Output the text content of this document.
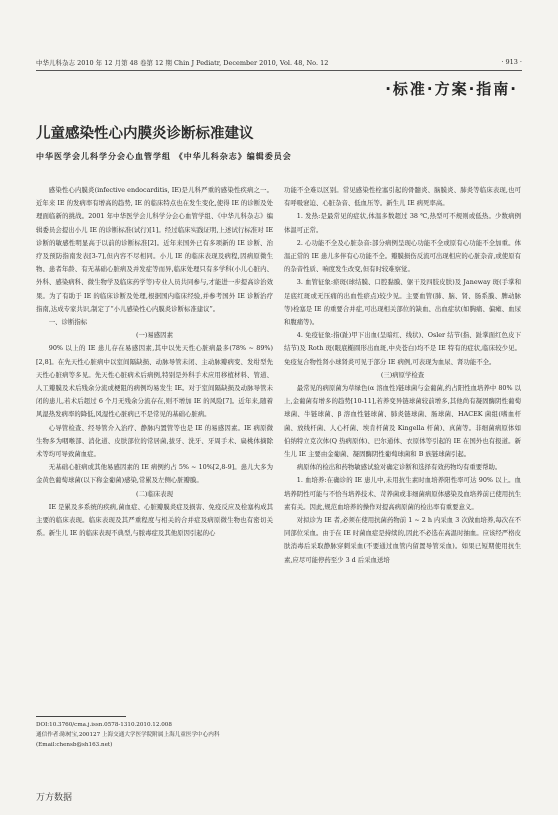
中华儿科杂志 2010 年 12 月第 48 卷第 12 期 Chin J Pediatr, December 2010, Vol. 48, No. 12	· 913 ·
·标准·方案·指南·
儿童感染性心内膜炎诊断标准建议
中华医学会儿科学分会心血管学组 《中华儿科杂志》编辑委员会

感染性心内膜炎(infective endocarditis, IE)是儿科严重的感染性疾病之一。近年来 IE 的发病率有增高的趋势, IE 的临床特点也在发生变化,使得 IE 的诊断及处理面临新的挑战。2001 年中华医学会儿科学分会心血管学组、《中华儿科杂志》编辑委员会提出小儿 IE 的诊断标准(试行)[1]。经过临床实践证明,上述试行标准对 IE 诊断的敏感性明显高于以前的诊断标准[2]。近年来国外已有多项新的 IE 诊断、治疗及预防指南发表[3-7],但内容不尽相同。小儿 IE 的临床表现及病程,因病原微生物、患者年龄、有无基础心脏病及并发症等而异,临床处理只有多学科(小儿心脏内、外科、感染病科、微生物学及临床药学等)专业人员共同参与,才能进一步提高诊治效果。为了有助于 IE 的临床诊断及处理,根据国内临床经验,并参考国外 IE 诊断治疗指南,达成专家共识,制定了“小儿感染性心内膜炎诊断标准建议”。

一、诊断指标

(一)易感因素

90% 以上的 IE 患儿存在易感因素,其中以先天性心脏病最多(78% ~ 89%)[2,8]。在先天性心脏病中以室间隔缺损、动脉导管未闭、主动脉瓣病变、发绀型先天性心脏病等多见。先天性心脏病术后病例,特别是外科手术应用移植材料、管道、人工瓣膜及术后残余分流或梗阻的病例均易发生 IE。对于室间隔缺损及动脉导管未闭的患儿,若术后超过 6 个月无残余分流存在,则不增加 IE 的风险[7]。近年来,随着风湿热发病率的降低,风湿性心脏病已不是常见的基础心脏病。

心导管检查、经导管介入治疗、静脉内置管等也是 IE 的易感因素。IE 病原微生物多为咽喉部、消化道、皮肤部位的常居菌,拔牙、洗牙、牙周手术、扁桃体摘除术等均可导致菌血症。

无基础心脏病或其他易感因素的 IE 病例约占 5% ~ 10%[2,8-9]。患儿大多为金黄色葡萄球菌(以下称金葡菌)感染,常累及左侧心脏瓣膜。

(二)临床表现

IE 是累及多系统的疾病,菌血症、心脏瓣膜炎症及损害、免疫反应及栓塞构成其主要的临床表现。临床表现及其严重程度与相关的合并症及病原微生物也有密切关系。新生儿 IE 的临床表现不典型,与脓毒症及其他原因引起的心

功能不全难以区别。常见感染性栓塞引起的骨髓炎、脑膜炎、肺炎等临床表现,也可有呼吸窘迫、心脏杂音、低血压等。新生儿 IE 病死率高。

1. 发热:是最常见的症状,体温多数超过 38 ℃,热型可不规则或低热。少数病例体温可正常。

2. 心功能不全及心脏杂音:部分病例呈现心功能不全或原有心功能不全加重。体温正常的 IE 患儿多伴有心功能不全。瓣膜损伤反流可出现相应的心脏杂音,或使原有的杂音性质、响度发生改变,但有时较难察觉。

3. 血管征象:瘀斑(球结膜、口腔黏膜、躯干及四肢皮肤)及 Janeway 斑(手掌和足底红斑或无压痛的出血性瘀点)较少见。主要血管(肺、脑、肾、肠系膜、脾动脉等)栓塞是 IE 的重要合并症,可出现相关部位的缺血、出血症状(如胸痛、偏瘫、血尿和腹痛等)。

4. 免疫征象:指(趾)甲下出血(呈暗红、线状)、Osler 结节(指、趾掌面红色皮下结节)及 Roth 斑(眼底椭圆形出血斑,中央苍白)均不是 IE 特有的症状,临床较少见。免疫复合物性肾小球肾炎可见于部分 IE 病例,可表现为血尿、肾功能不全。

(三)病原学检查

最常见的病原菌为草绿色(α 溶血性)链球菌与金葡菌,约占阳性血培养中 80% 以上,金葡菌有增多的趋势[10-11],若养变异链球菌较前增多,其他尚有凝固酶阴性葡萄球菌、牛链球菌、β 溶血性链球菌、肺炎链球菌、肠球菌、HACEK 菌组(嗜血杆菌、放线杆菌、人心杆菌、埃肯杆菌及 Kingella 杆菌)、真菌等。非细菌病原体如伯纳特立克次体(Q 热病原体)、巴尔通体、衣原体等引起的 IE 在国外也有报道。新生儿 IE 主要由金葡菌、凝固酶阴性葡萄球菌和 B 族链球菌引起。

病原体的检出和药物敏感试验对确定诊断和选择有效药物均有重要帮助。

1. 血培养:在确诊的 IE 患儿中,未用抗生素时血培养阳性率可达 90% 以上。血培养阴性可能与不恰当培养技术、苛养菌或非细菌病原体感染及血培养前已使用抗生素有关。因此,规范血培养的操作对提高病原菌的检出率有重要意义。

对拟诊为 IE 者,必须在使用抗菌药物前 1 ~ 2 h 内采血 3 次做血培养,每次在不同部位采血。由于在 IE 时菌血症是持续的,因此不必选在高温时抽血。应该经严格皮肤消毒后采取静脉穿刺采血(不要通过血管内留置导管采血)。如果已短期使用抗生素,应尽可能停药至少 3 d 后采血送培

DOI:10.3760/cma.j.issn.0578-1310.2010.12.008
通信作者:陈树宝,200127 上海交通大学医学院附属上海儿童医学中心内科(Email:chensb@sh163.net)
万方数据
